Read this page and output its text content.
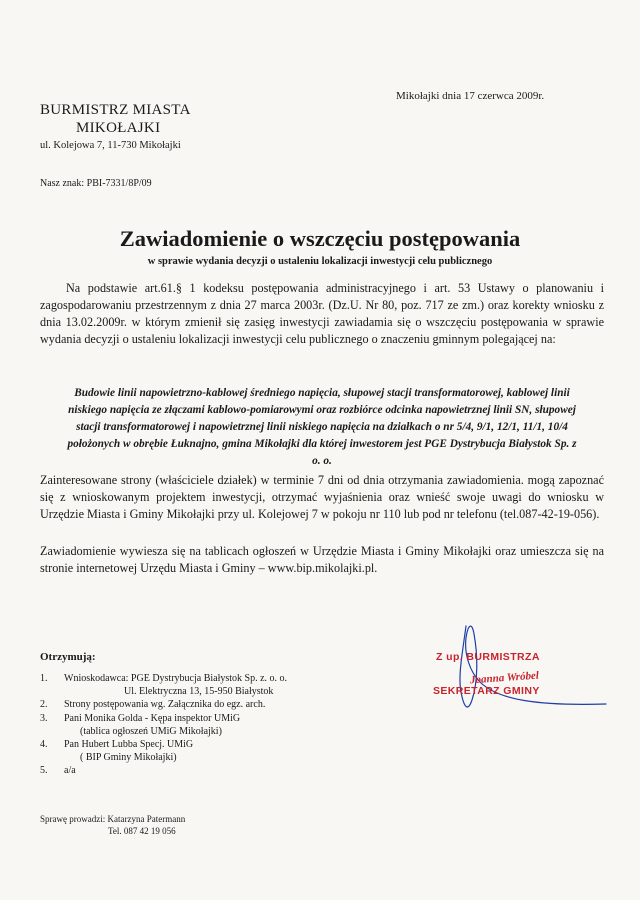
Mikołajki dnia 17 czerwca 2009r.
BURMISTRZ MIASTA
MIKOŁAJKI
ul. Kolejowa 7, 11-730 Mikołajki
Nasz znak: PBI-7331/8P/09
Zawiadomienie o wszczęciu postępowania
w sprawie wydania decyzji o ustaleniu lokalizacji inwestycji celu publicznego
Na podstawie art.61.§ 1 kodeksu postępowania administracyjnego i art. 53 Ustawy o planowaniu i zagospodarowaniu przestrzennym z dnia 27 marca 2003r. (Dz.U. Nr 80, poz. 717 ze zm.) oraz korekty wniosku z dnia 13.02.2009r. w którym zmienił się zasięg inwestycji zawiadamia się o wszczęciu postępowania w sprawie wydania decyzji o ustaleniu lokalizacji inwestycji celu publicznego o znaczeniu gminnym polegającej na:
Budowie linii napowietrzno-kablowej średniego napięcia, słupowej stacji transformatorowej, kablowej linii niskiego napięcia ze złączami kablowo-pomiarowymi oraz rozbiórce odcinka napowietrznej linii SN, słupowej stacji transformatorowej i napowietrznej linii niskiego napięcia na działkach o nr 5/4, 9/1, 12/1, 11/1, 10/4 położonych w obrębie Łuknajno, gmina Mikołajki dla której inwestorem jest PGE Dystrybucja Białystok Sp. z o. o.
Zainteresowane strony (właściciele działek) w terminie 7 dni od dnia otrzymania zawiadomienia. mogą zapoznać się z wnioskowanym projektem inwestycji, otrzymać wyjaśnienia oraz wnieść swoje uwagi do wniosku w Urzędzie Miasta i Gminy Mikołajki przy ul. Kolejowej 7 w pokoju nr 110 lub pod nr telefonu (tel.087-42-19-056).
Zawiadomienie wywiesza się na tablicach ogłoszeń w Urzędzie Miasta i Gminy Mikołajki oraz umieszcza się na stronie internetowej Urzędu Miasta i Gminy – www.bip.mikolajki.pl.
Otrzymują:
1.	Wnioskodawca: PGE Dystrybucja Białystok Sp. z. o. o.
Ul. Elektryczna 13, 15-950 Białystok
2.	Strony postępowania wg. Załącznika do egz. arch.
3.	Pani Monika Golda - Kępa inspektor UMiG
(tablica ogłoszeń UMiG Mikołajki)
4.	Pan Hubert Lubba Specj. UMiG
( BIP Gminy Mikołajki)
5.	a/a
Sprawę prowadzi: Katarzyna Patermann
Tel. 087 42 19 056
Z up. BURMISTRZA
Joanna Wróbel
SEKRETARZ GMINY
